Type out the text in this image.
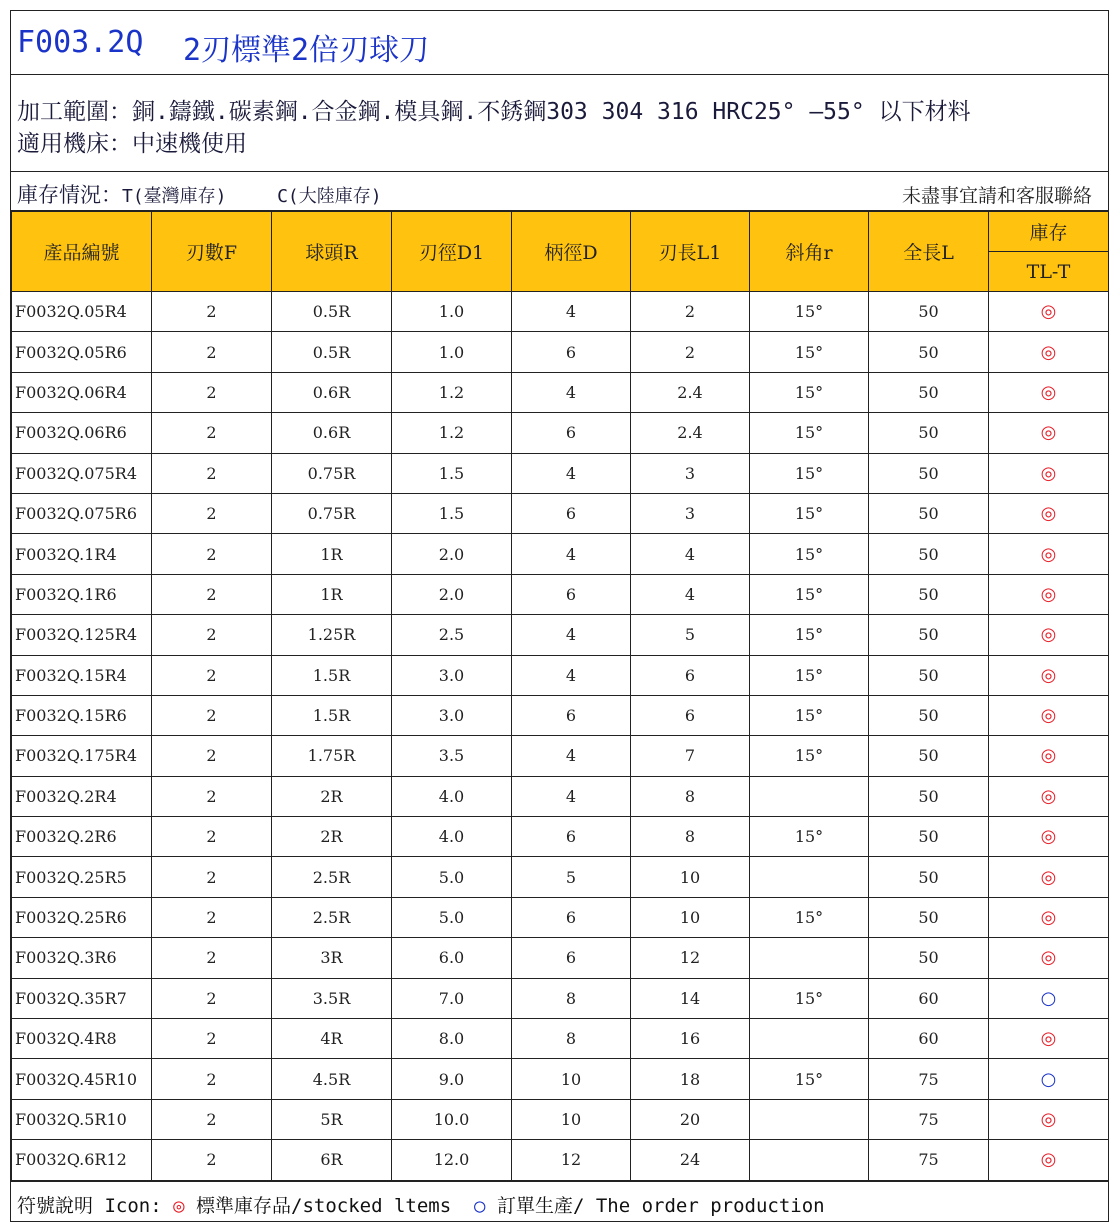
F003.2Q 2刃標準2倍刃球刀
加工範圍：銅.鑄鐵.碳素鋼.合金鋼.模具鋼.不銹鋼303 304 316 HRC25° —55° 以下材料
適用機床：中速機使用
庫存情況：T(臺灣庫存)	C(大陸庫存)	未盡事宜請和客服聯絡
產品編號	刃數F	球頭R	刃徑D1	柄徑D	刃長L1	斜角r	全長L	庫存
								TL-T
F0032Q.05R4	2	0.5R	1.0	4	2	15°	50	◎
F0032Q.05R6	2	0.5R	1.0	6	2	15°	50	◎
F0032Q.06R4	2	0.6R	1.2	4	2.4	15°	50	◎
F0032Q.06R6	2	0.6R	1.2	6	2.4	15°	50	◎
F0032Q.075R4	2	0.75R	1.5	4	3	15°	50	◎
F0032Q.075R6	2	0.75R	1.5	6	3	15°	50	◎
F0032Q.1R4	2	1R	2.0	4	4	15°	50	◎
F0032Q.1R6	2	1R	2.0	6	4	15°	50	◎
F0032Q.125R4	2	1.25R	2.5	4	5	15°	50	◎
F0032Q.15R4	2	1.5R	3.0	4	6	15°	50	◎
F0032Q.15R6	2	1.5R	3.0	6	6	15°	50	◎
F0032Q.175R4	2	1.75R	3.5	4	7	15°	50	◎
F0032Q.2R4	2	2R	4.0	4	8		50	◎
F0032Q.2R6	2	2R	4.0	6	8	15°	50	◎
F0032Q.25R5	2	2.5R	5.0	5	10		50	◎
F0032Q.25R6	2	2.5R	5.0	6	10	15°	50	◎
F0032Q.3R6	2	3R	6.0	6	12		50	◎
F0032Q.35R7	2	3.5R	7.0	8	14	15°	60	○
F0032Q.4R8	2	4R	8.0	8	16		60	◎
F0032Q.45R10	2	4.5R	9.0	10	18	15°	75	○
F0032Q.5R10	2	5R	10.0	10	20		75	◎
F0032Q.6R12	2	6R	12.0	12	24		75	◎
符號說明 Icon: ◎ 標準庫存品/stocked ltems ○ 訂單生產/ The order production
